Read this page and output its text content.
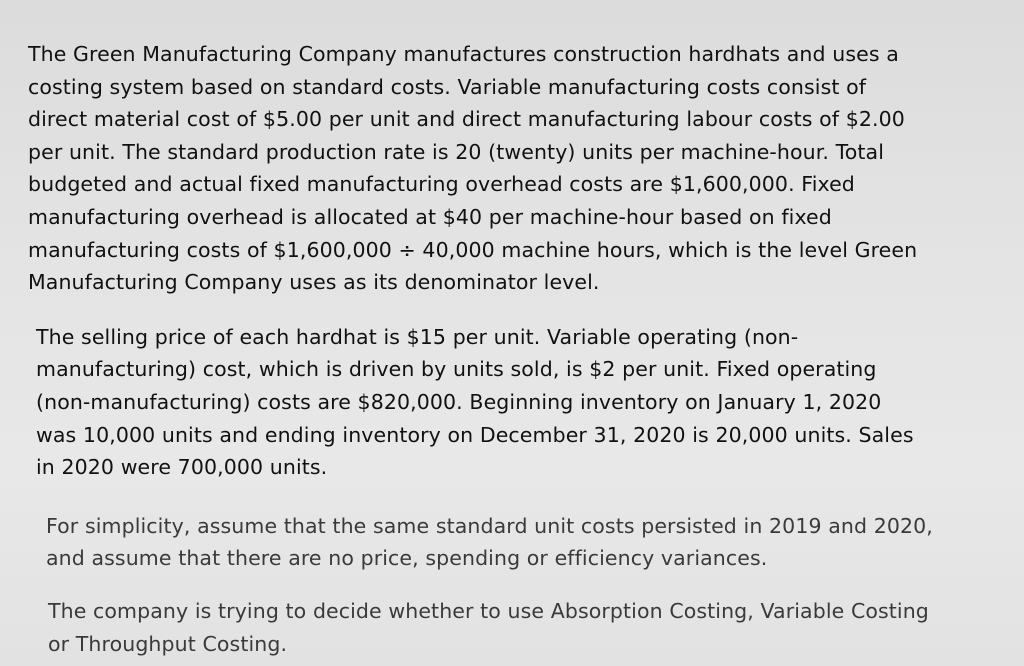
The Green Manufacturing Company manufactures construction hardhats and uses a
costing system based on standard costs. Variable manufacturing costs consist of
direct material cost of $5.00 per unit and direct manufacturing labour costs of $2.00
per unit. The standard production rate is 20 (twenty) units per machine-hour. Total
budgeted and actual fixed manufacturing overhead costs are $1,600,000. Fixed
manufacturing overhead is allocated at $40 per machine-hour based on fixed
manufacturing costs of $1,600,000 ÷ 40,000 machine hours, which is the level Green
Manufacturing Company uses as its denominator level.

The selling price of each hardhat is $15 per unit. Variable operating (non-
manufacturing) cost, which is driven by units sold, is $2 per unit. Fixed operating
(non-manufacturing) costs are $820,000. Beginning inventory on January 1, 2020
was 10,000 units and ending inventory on December 31, 2020 is 20,000 units. Sales
in 2020 were 700,000 units.

For simplicity, assume that the same standard unit costs persisted in 2019 and 2020,
and assume that there are no price, spending or efficiency variances.

The company is trying to decide whether to use Absorption Costing, Variable Costing
or Throughput Costing.
